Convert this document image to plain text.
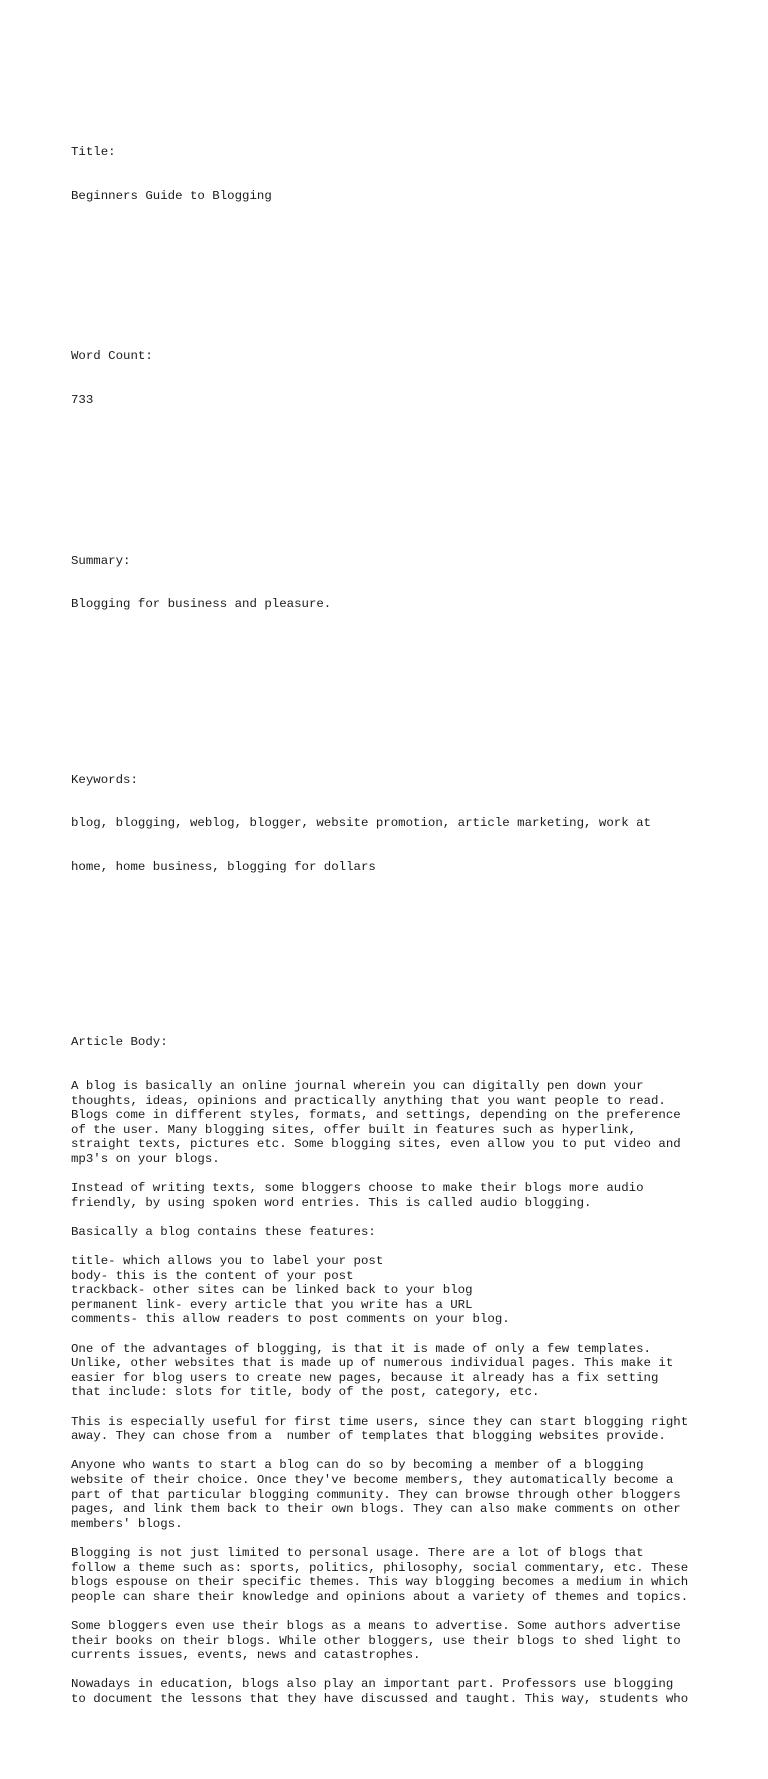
Title:

Beginners Guide to Blogging

Word Count:

733

Summary:

Blogging for business and pleasure.

Keywords:

blog, blogging, weblog, blogger, website promotion, article marketing, work at

home, home business, blogging for dollars

Article Body:

A blog is basically an online journal wherein you can digitally pen down your
thoughts, ideas, opinions and practically anything that you want people to read.
Blogs come in different styles, formats, and settings, depending on the preference
of the user. Many blogging sites, offer built in features such as hyperlink,
straight texts, pictures etc. Some blogging sites, even allow you to put video and
mp3's on your blogs.
Instead of writing texts, some bloggers choose to make their blogs more audio
friendly, by using spoken word entries. This is called audio blogging.
Basically a blog contains these features:
title- which allows you to label your post
body- this is the content of your post
trackback- other sites can be linked back to your blog
permanent link- every article that you write has a URL
comments- this allow readers to post comments on your blog.
One of the advantages of blogging, is that it is made of only a few templates.
Unlike, other websites that is made up of numerous individual pages. This make it
easier for blog users to create new pages, because it already has a fix setting
that include: slots for title, body of the post, category, etc.
This is especially useful for first time users, since they can start blogging right
away. They can chose from a  number of templates that blogging websites provide.
Anyone who wants to start a blog can do so by becoming a member of a blogging
website of their choice. Once they've become members, they automatically become a
part of that particular blogging community. They can browse through other bloggers
pages, and link them back to their own blogs. They can also make comments on other
members' blogs.
Blogging is not just limited to personal usage. There are a lot of blogs that
follow a theme such as: sports, politics, philosophy, social commentary, etc. These
blogs espouse on their specific themes. This way blogging becomes a medium in which
people can share their knowledge and opinions about a variety of themes and topics.
Some bloggers even use their blogs as a means to advertise. Some authors advertise
their books on their blogs. While other bloggers, use their blogs to shed light to
currents issues, events, news and catastrophes.
Nowadays in education, blogs also play an important part. Professors use blogging
to document the lessons that they have discussed and taught. This way, students who
